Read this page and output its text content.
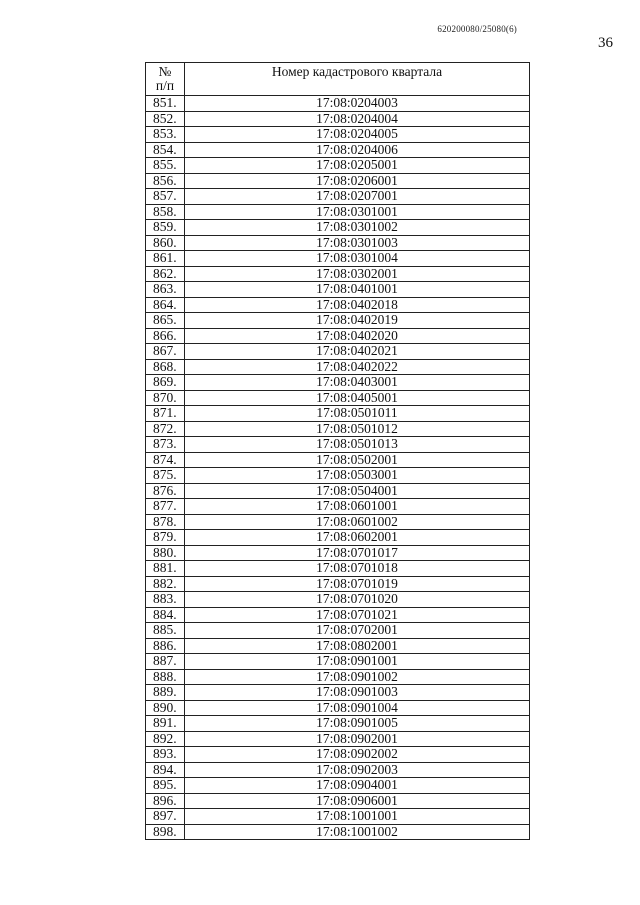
620200080/25080(6)
36
№
п/п	Номер кадастрового квартала
851.	17:08:0204003
852.	17:08:0204004
853.	17:08:0204005
854.	17:08:0204006
855.	17:08:0205001
856.	17:08:0206001
857.	17:08:0207001
858.	17:08:0301001
859.	17:08:0301002
860.	17:08:0301003
861.	17:08:0301004
862.	17:08:0302001
863.	17:08:0401001
864.	17:08:0402018
865.	17:08:0402019
866.	17:08:0402020
867.	17:08:0402021
868.	17:08:0402022
869.	17:08:0403001
870.	17:08:0405001
871.	17:08:0501011
872.	17:08:0501012
873.	17:08:0501013
874.	17:08:0502001
875.	17:08:0503001
876.	17:08:0504001
877.	17:08:0601001
878.	17:08:0601002
879.	17:08:0602001
880.	17:08:0701017
881.	17:08:0701018
882.	17:08:0701019
883.	17:08:0701020
884.	17:08:0701021
885.	17:08:0702001
886.	17:08:0802001
887.	17:08:0901001
888.	17:08:0901002
889.	17:08:0901003
890.	17:08:0901004
891.	17:08:0901005
892.	17:08:0902001
893.	17:08:0902002
894.	17:08:0902003
895.	17:08:0904001
896.	17:08:0906001
897.	17:08:1001001
898.	17:08:1001002
